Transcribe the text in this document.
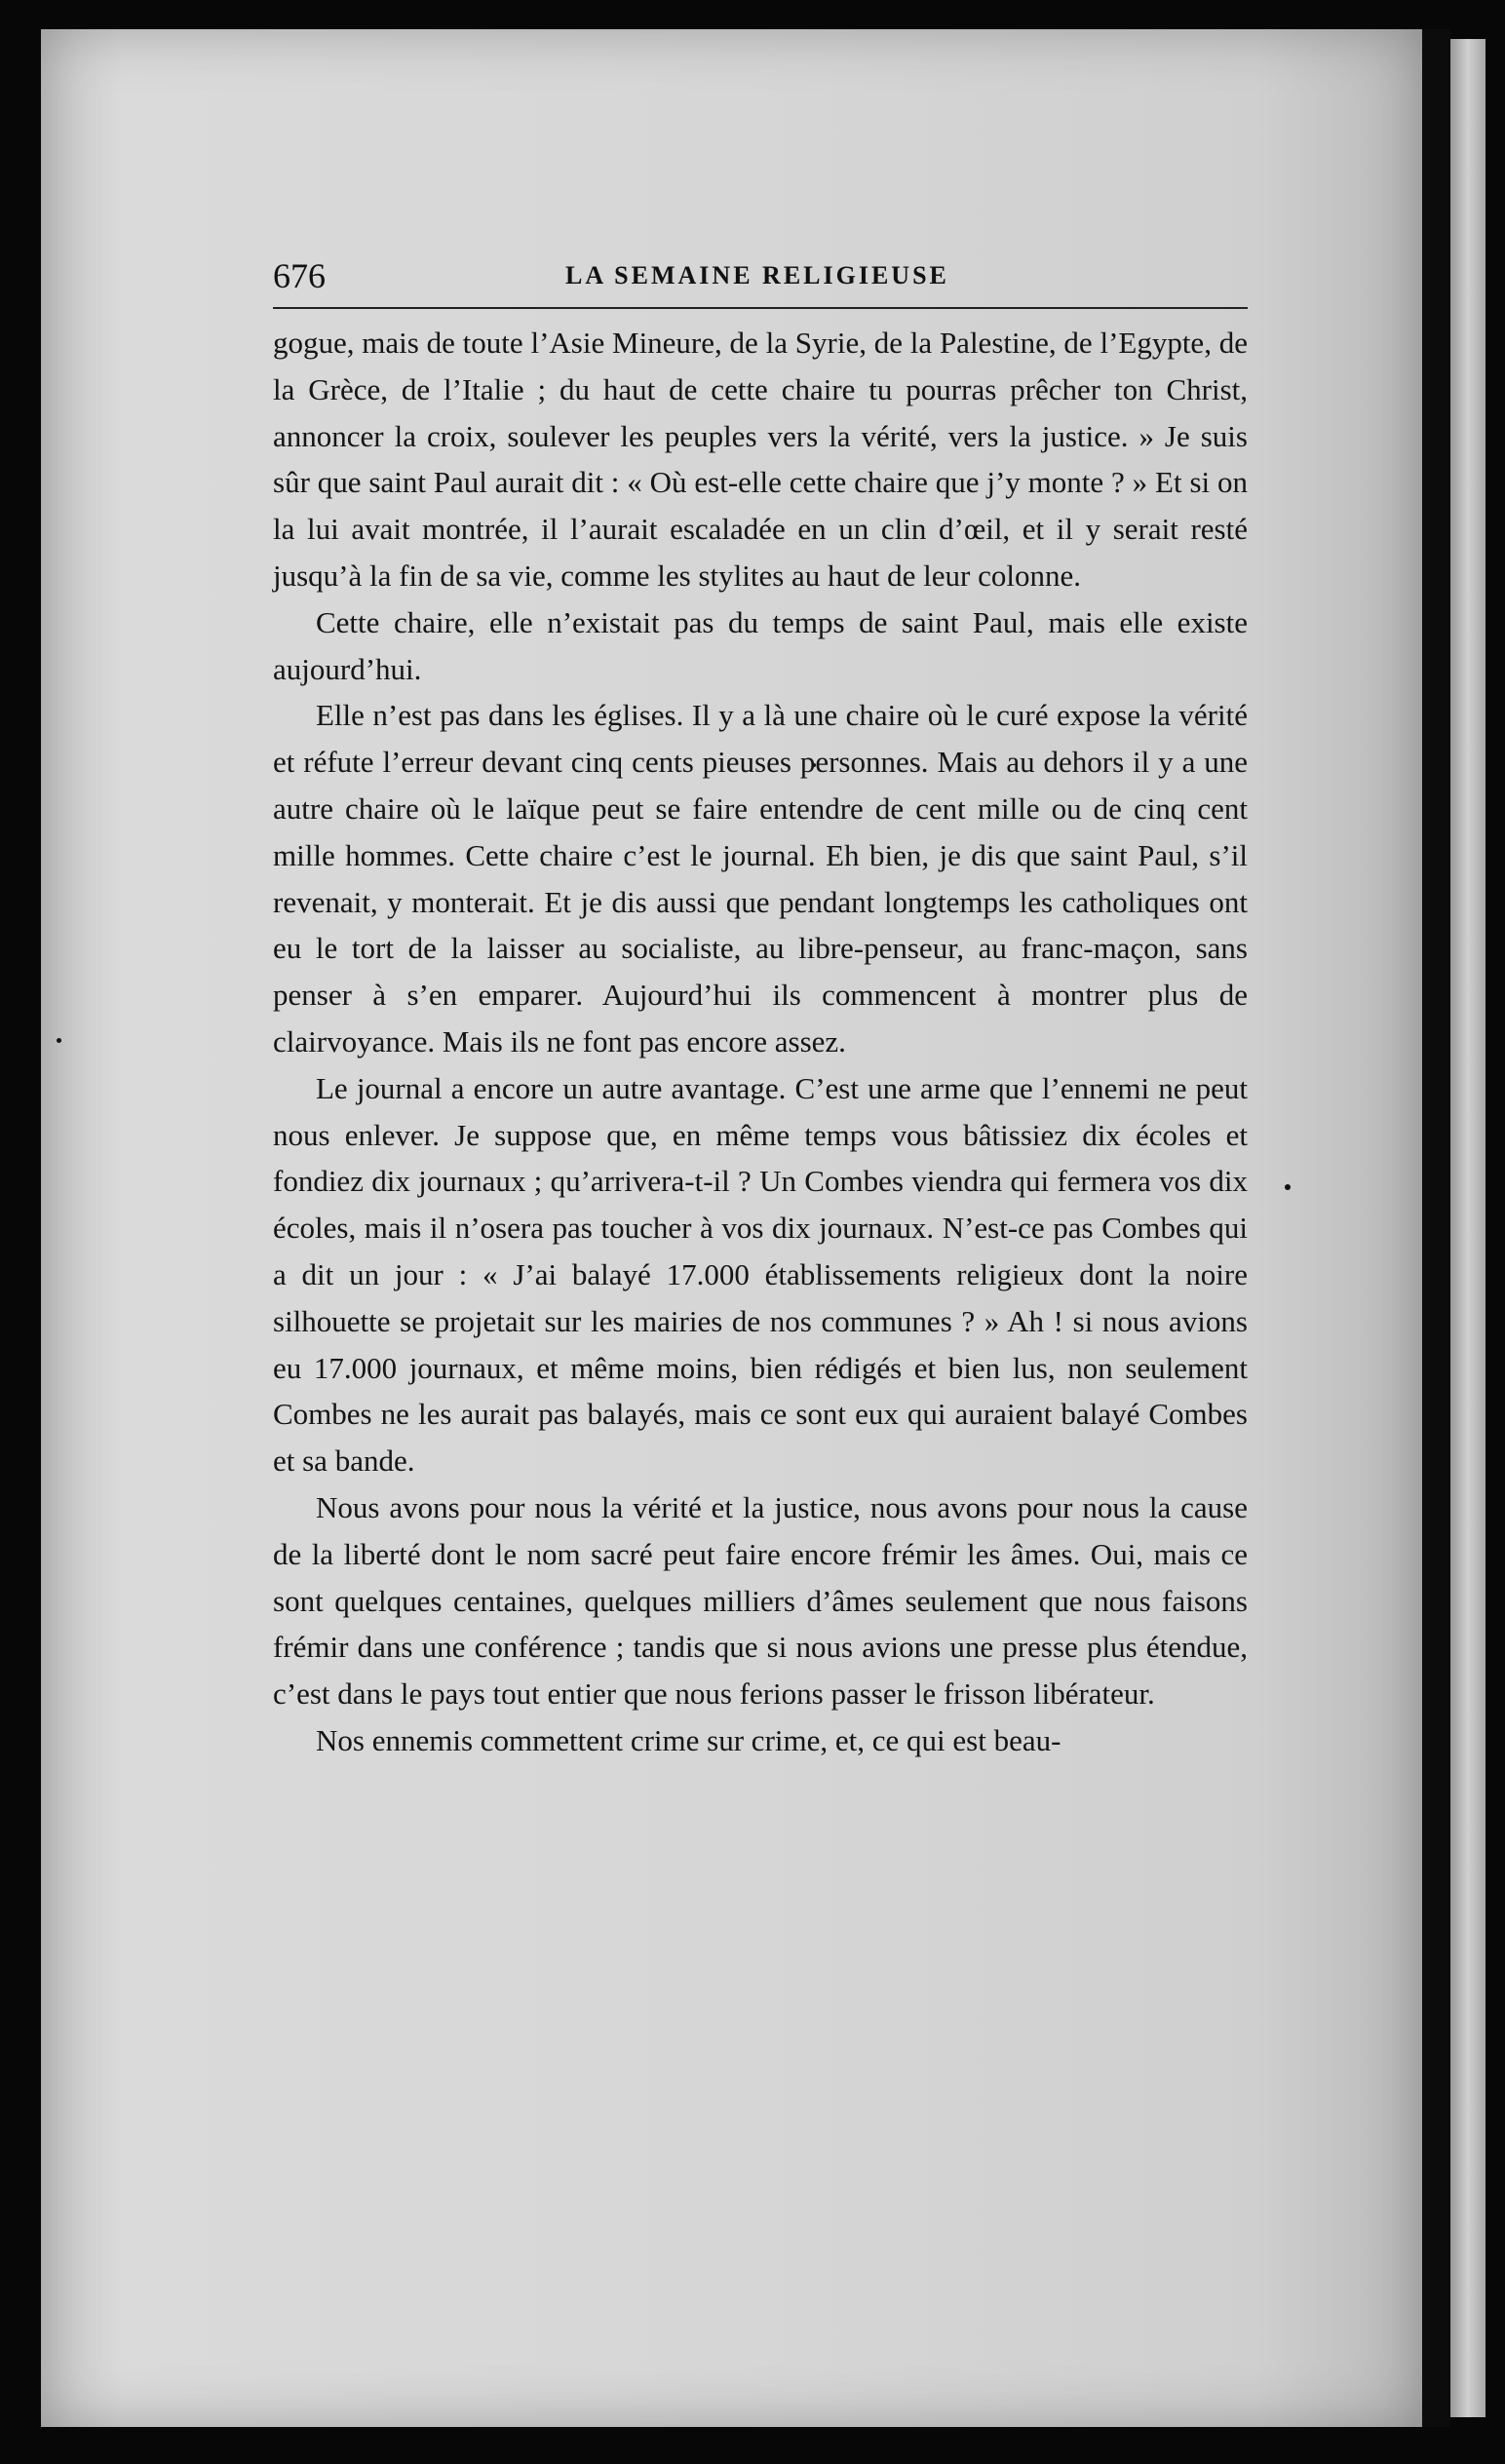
676	LA SEMAINE RELIGIEUSE

gogue, mais de toute l’Asie Mineure, de la Syrie, de la Palestine, de l’Egypte, de la Grèce, de l’Italie ; du haut de cette chaire tu pourras prêcher ton Christ, annoncer la croix, soulever les peuples vers la vérité, vers la justice. » Je suis sûr que saint Paul aurait dit : « Où est-elle cette chaire que j’y monte ? » Et si on la lui avait montrée, il l’aurait escaladée en un clin d’œil, et il y serait resté jusqu’à la fin de sa vie, comme les stylites au haut de leur colonne.

Cette chaire, elle n’existait pas du temps de saint Paul, mais elle existe aujourd’hui.

Elle n’est pas dans les églises. Il y a là une chaire où le curé expose la vérité et réfute l’erreur devant cinq cents pieuses personnes. Mais au dehors il y a une autre chaire où le laïque peut se faire entendre de cent mille ou de cinq cent mille hommes. Cette chaire c’est le journal. Eh bien, je dis que saint Paul, s’il revenait, y monterait. Et je dis aussi que pendant longtemps les catholiques ont eu le tort de la laisser au socialiste, au libre-penseur, au franc-maçon, sans penser à s’en emparer. Aujourd’hui ils commencent à montrer plus de clairvoyance. Mais ils ne font pas encore assez.

Le journal a encore un autre avantage. C’est une arme que l’ennemi ne peut nous enlever. Je suppose que, en même temps vous bâtissiez dix écoles et fondiez dix journaux ; qu’arrivera-t-il ? Un Combes viendra qui fermera vos dix écoles, mais il n’osera pas toucher à vos dix journaux. N’est-ce pas Combes qui a dit un jour : « J’ai balayé 17.000 établissements religieux dont la noire silhouette se projetait sur les mairies de nos communes ? » Ah ! si nous avions eu 17.000 journaux, et même moins, bien rédigés et bien lus, non seulement Combes ne les aurait pas balayés, mais ce sont eux qui auraient balayé Combes et sa bande.

Nous avons pour nous la vérité et la justice, nous avons pour nous la cause de la liberté dont le nom sacré peut faire encore frémir les âmes. Oui, mais ce sont quelques centaines, quelques milliers d’âmes seulement que nous faisons frémir dans une conférence ; tandis que si nous avions une presse plus étendue, c’est dans le pays tout entier que nous ferions passer le frisson libérateur.

Nos ennemis commettent crime sur crime, et, ce qui est beau-
